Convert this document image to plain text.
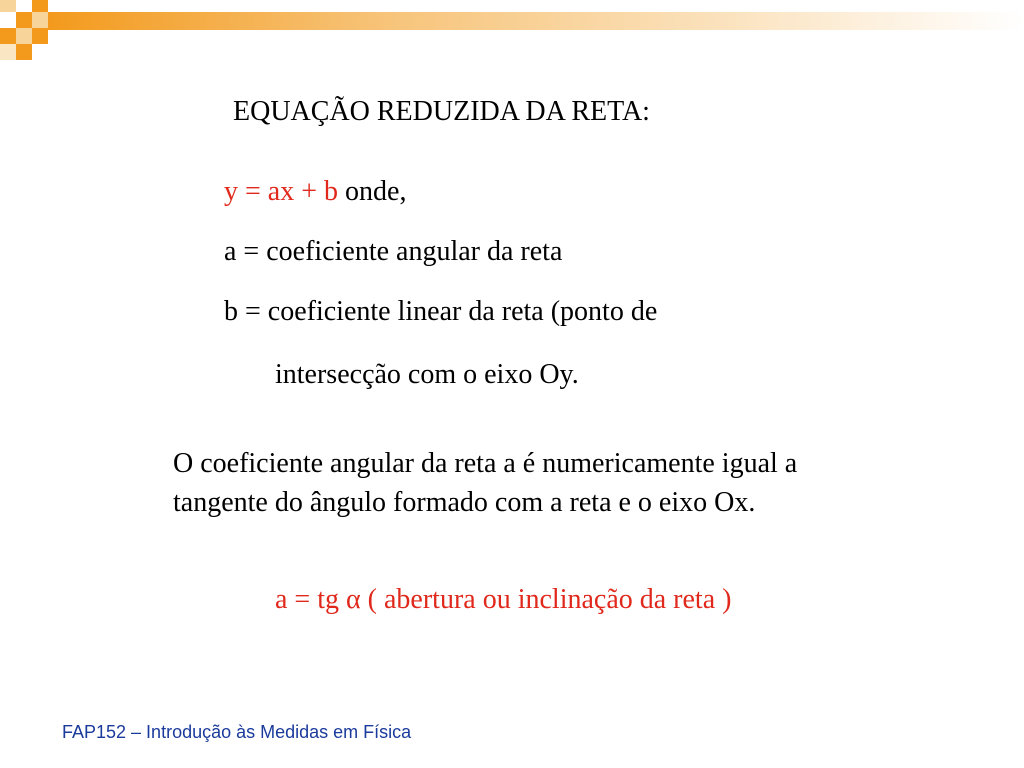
EQUAÇÃO REDUZIDA DA RETA:
y = ax + b onde,
a = coeficiente angular da reta
b = coeficiente linear da reta (ponto de
intersecção com o eixo Oy.
O coeficiente angular da reta a é numericamente igual a
tangente do ângulo formado com a reta e o eixo Ox.
a = tg α ( abertura ou inclinação da reta )
FAP152 – Introdução às Medidas em Física
